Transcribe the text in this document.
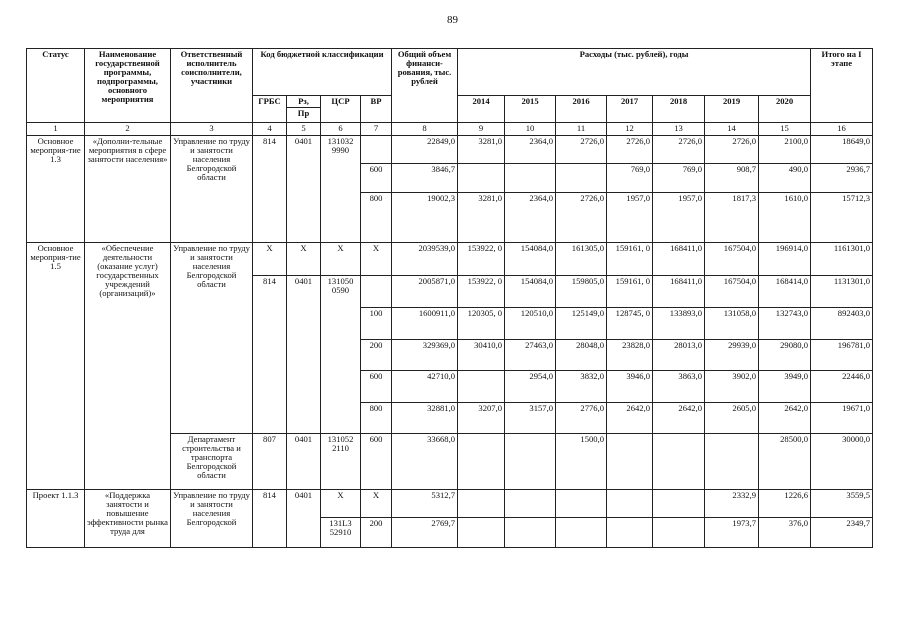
89
Статус	Наименование государственной программы, подпрограммы, основного мероприятия	Ответственный исполнитель соисполнители, участники	Код бюджетной классификации				Общий объем финанси-рования, тыс. рублей	Расходы (тыс. рублей), годы							Итого на I этапе
			ГРБС	Рз,	ЦСР	ВР		2014	2015	2016	2017	2018	2019	2020	
				Пр											
1	2	3	4	5	6	7	8	9	10	11	12	13	14	15	16
Основное мероприя-тие 1.3	«Дополни-тельные мероприятия в сфере занятости населения»	Управление по труду и занятости населения Белгородской области	814	0401	131032 9990		22849,0	3281,0	2364,0	2726,0	2726,0	2726,0	2726,0	2100,0	18649,0
						600	3846,7				769,0	769,0	908,7	490,0	2936,7
						800	19002,3	3281,0	2364,0	2726,0	1957,0	1957,0	1817,3	1610,0	15712,3
Основное мероприя-тие 1.5	«Обеспечение деятельности (оказание услуг) государственных учреждений (организаций)»	Управление по труду и занятости населения Белгородской области	X	X	X	X	2039539,0	153922, 0	154084,0	161305,0	159161, 0	168411,0	167504,0	196914,0	1161301,0
			814	0401	131050 0590		2005871,0	153922, 0	154084,0	159805,0	159161, 0	168411,0	167504,0	168414,0	1131301,0
						100	1600911,0	120305, 0	120510,0	125149,0	128745, 0	133893,0	131058,0	132743,0	892403,0
						200	329369,0	30410,0	27463,0	28048,0	23828,0	28013,0	29939,0	29080,0	196781,0
						600	42710,0		2954,0	3832,0	3946,0	3863,0	3902,0	3949,0	22446,0
						800	32881,0	3207,0	3157,0	2776,0	2642,0	2642,0	2605,0	2642,0	19671,0
		Департамент строительства и транспорта Белгородской области	807	0401	131052 2110	600	33668,0			1500,0				28500,0	30000,0
Проект 1.1.3	«Поддержка занятости и повышение эффективности рынка труда для	Управление по труду и занятости населения Белгородской	814	0401	X	X	5312,7						2332,9	1226,6	3559,5
					131L3 52910	200	2769,7						1973,7	376,0	2349,7
